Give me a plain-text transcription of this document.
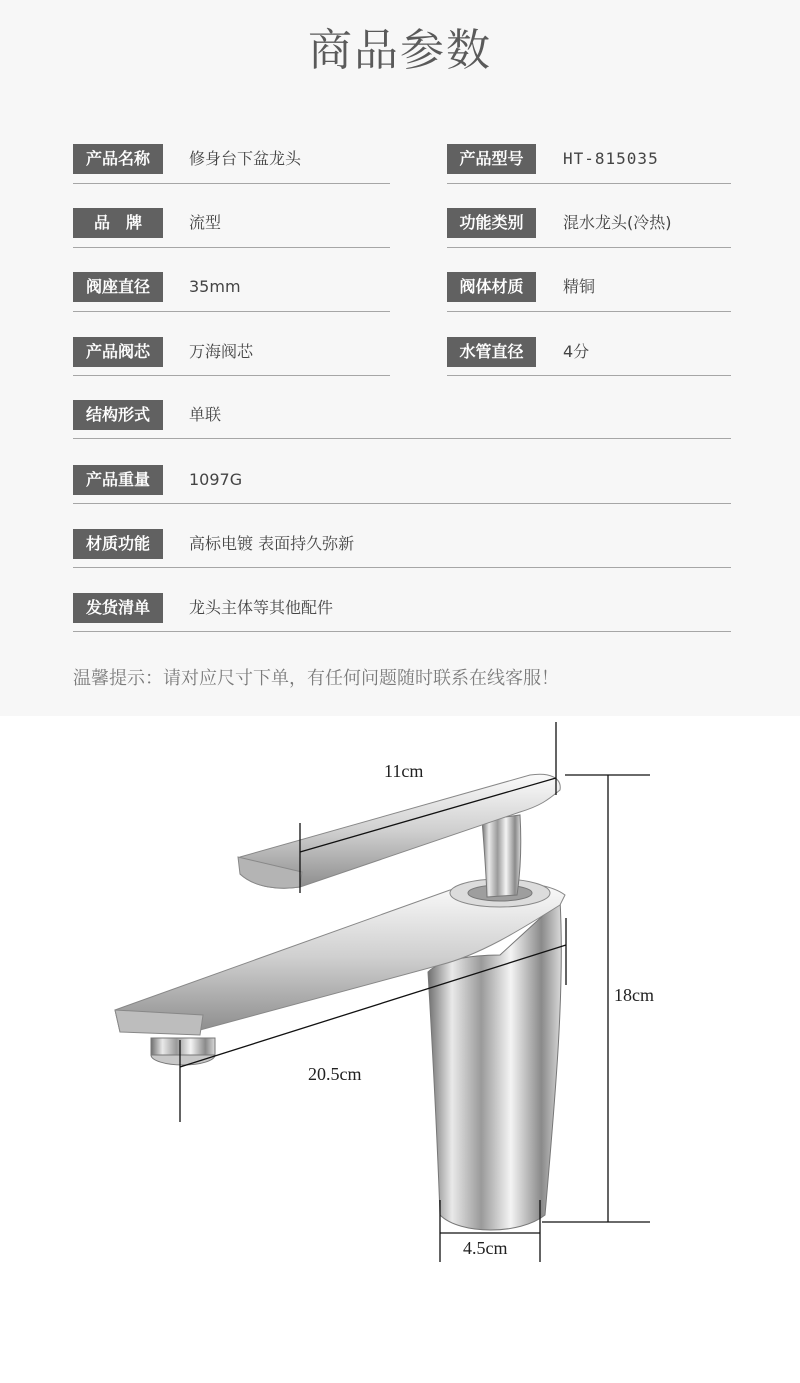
商品参数
产品名称	修身台下盆龙头	产品型号	HT-815035
品　牌	流型	功能类别	混水龙头(冷热)
阀座直径	35mm	阀体材质	精铜
产品阀芯	万海阀芯	水管直径	4分
结构形式	单联
产品重量	1097G
材质功能	高标电镀 表面持久弥新
发货清单	龙头主体等其他配件
温馨提示：请对应尺寸下单，有任何问题随时联系在线客服！
11cm
18cm
20.5cm
4.5cm
